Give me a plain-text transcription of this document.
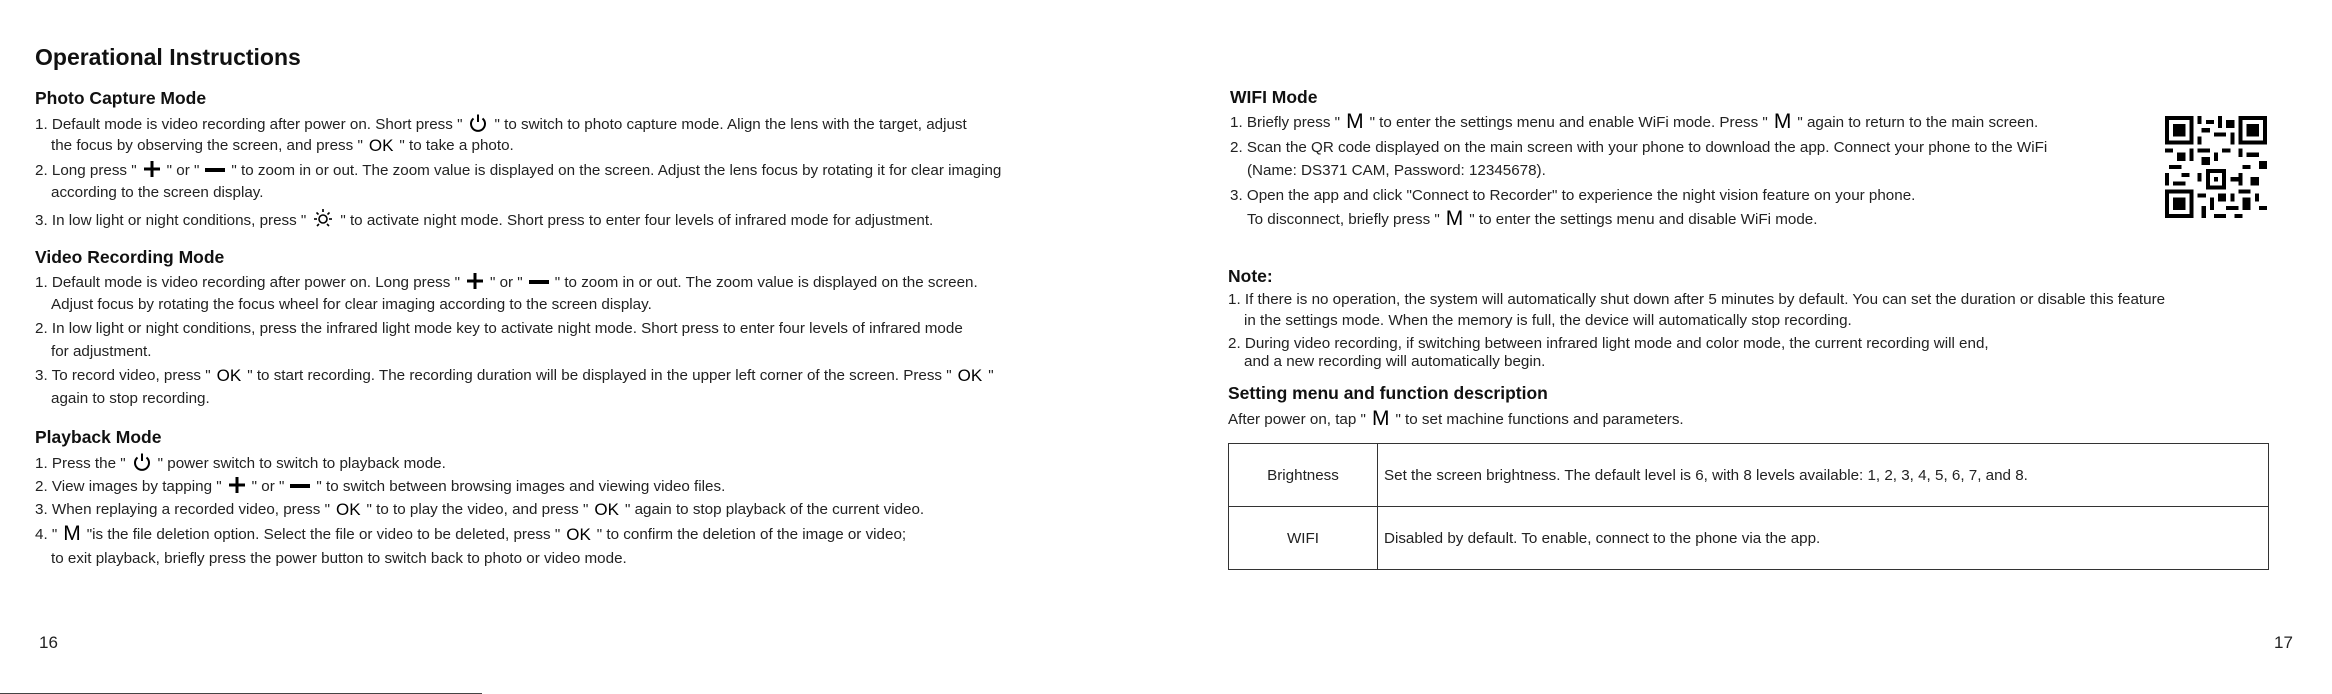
Operational Instructions
Photo Capture Mode
1. Default mode is video recording after power on. Short press " " to switch to photo capture mode. Align the lens with the target, adjust
the focus by observing the screen, and press " OK " to take a photo.
2. Long press " " or " " to zoom in or out. The zoom value is displayed on the screen. Adjust the lens focus by rotating it for clear imaging
according to the screen display.
3. In low light or night conditions, press " " to activate night mode. Short press to enter four levels of infrared mode for adjustment.
Video Recording Mode
1. Default mode is video recording after power on. Long press " " or " " to zoom in or out. The zoom value is displayed on the screen.
Adjust focus by rotating the focus wheel for clear imaging according to the screen display.
2. In low light or night conditions, press the infrared light mode key to activate night mode. Short press to enter four levels of infrared mode
for adjustment.
3. To record video, press " OK " to start recording. The recording duration will be displayed in the upper left corner of the screen. Press " OK "
again to stop recording.
Playback Mode
1. Press the " " power switch to switch to playback mode.
2. View images by tapping " " or " " to switch between browsing images and viewing video files.
3. When replaying a recorded video, press " OK " to to play the video, and press " OK " again to stop playback of the current video.
4. " M "is the file deletion option. Select the file or video to be deleted, press " OK " to confirm the deletion of the image or video;
to exit playback, briefly press the power button to switch back to photo or video mode.
16
WIFI Mode
1. Briefly press " M " to enter the settings menu and enable WiFi mode. Press " M " again to return to the main screen.
2. Scan the QR code displayed on the main screen with your phone to download the app. Connect your phone to the WiFi
(Name: DS371 CAM, Password: 12345678).
3. Open the app and click "Connect to Recorder" to experience the night vision feature on your phone.
To disconnect, briefly press " M " to enter the settings menu and disable WiFi mode.
Note:
1. If there is no operation, the system will automatically shut down after 5 minutes by default. You can set the duration or disable this feature
in the settings mode. When the memory is full, the device will automatically stop recording.
2. During video recording, if switching between infrared light mode and color mode, the current recording will end,
and a new recording will automatically begin.
Setting menu and function description
After power on, tap " M " to set machine functions and parameters.
Brightness	Set the screen brightness. The default level is 6, with 8 levels available: 1, 2, 3, 4, 5, 6, 7, and 8.
WIFI	Disabled by default. To enable, connect to the phone via the app.
17
